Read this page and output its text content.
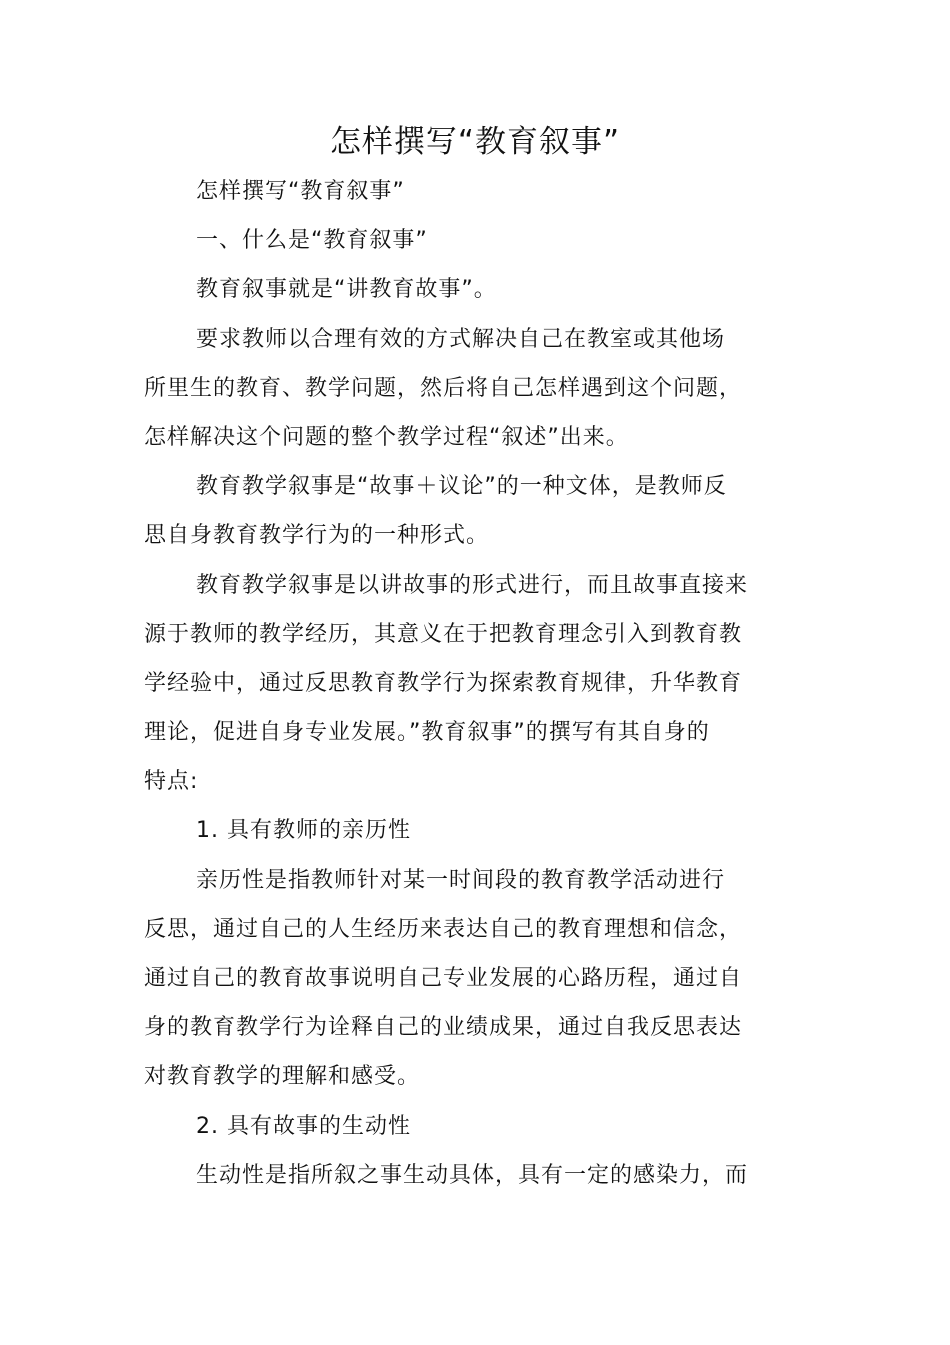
怎样撰写“教育叙事”

怎样撰写“教育叙事”

一、什么是“教育叙事”

教育叙事就是“讲教育故事”。

要求教师以合理有效的方式解决自己在教室或其他场

所里生的教育、教学问题，然后将自己怎样遇到这个问题，

怎样解决这个问题的整个教学过程“叙述”出来。

教育教学叙事是“故事＋议论”的一种文体，是教师反

思自身教育教学行为的一种形式。

教育教学叙事是以讲故事的形式进行，而且故事直接来

源于教师的教学经历，其意义在于把教育理念引入到教育教

学经验中，通过反思教育教学行为探索教育规律，升华教育

理论，促进自身专业发展。”教育叙事”的撰写有其自身的

特点:

1. 具有教师的亲历性

亲历性是指教师针对某一时间段的教育教学活动进行

反思，通过自己的人生经历来表达自己的教育理想和信念，

通过自己的教育故事说明自己专业发展的心路历程，通过自

身的教育教学行为诠释自己的业绩成果，通过自我反思表达

对教育教学的理解和感受。

2. 具有故事的生动性

生动性是指所叙之事生动具体，具有一定的感染力，而
